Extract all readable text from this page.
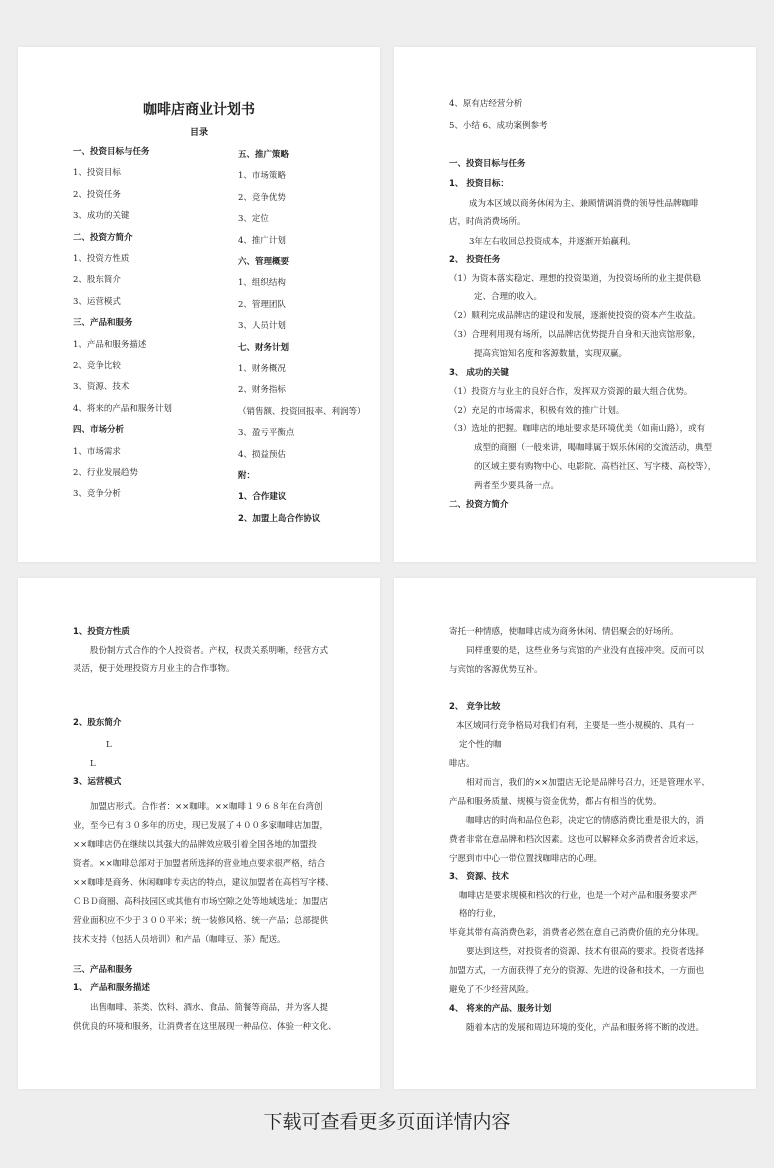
咖啡店商业计划书
目录
一、投资目标与任务
1、投资目标
2、投资任务
3、成功的关键
二、投资方简介
1、投资方性质
2、股东简介
3、运营模式
三、产品和服务
1、产品和服务描述
2、竞争比较
3、资源、技术
4、将来的产品和服务计划
四、市场分析
1、市场需求
2、行业发展趋势
3、竞争分析
五、推广策略
1、市场策略
2、竞争优势
3、定位
4、推广计划
六、管理概要
1、组织结构
2、管理团队
3、人员计划
七、财务计划
1、财务概况
2、财务指标
（销售额、投资回报率、利润等）
3、盈亏平衡点
4、损益预估
附：
1、合作建议
2、加盟上岛合作协议
4、原有店经营分析
5、小结 6、成功案例参考
一、投资目标与任务
1、 投资目标：
成为本区域以商务休闲为主、兼顾情调消费的领导性品牌咖啡
店，时尚消费场所。
3年左右收回总投资成本，并逐渐开始赢利。
2、 投资任务
（1）为资本落实稳定、理想的投资渠道，为投资场所的业主提供稳
定、合理的收入。
（2）顺利完成品牌店的建设和发展，逐渐使投资的资本产生收益。
（3）合理利用现有场所，以品牌店优势提升自身和天池宾馆形象，
提高宾馆知名度和客源数量，实现双赢。
3、 成功的关键
（1）投资方与业主的良好合作，发挥双方资源的最大组合优势。
（2）充足的市场需求，积极有效的推广计划。
（3）选址的把握。咖啡店的地址要求是环境优美（如南山路），或有
成型的商圈（一般来讲，喝咖啡属于娱乐休闲的交流活动，典型
的区域主要有购物中心、电影院、高档社区、写字楼、高校等），
两者至少要具备一点。
二、投资方简介
1、投资方性质
股份制方式合作的个人投资者。产权，权责关系明晰，经营方式
灵活，便于处理投资方月业主的合作事物。
2、股东简介
L
L
3、运营模式
加盟店形式。合作者：××咖啡。××咖啡１９６８年在台湾创
业，至今已有３０多年的历史，现已发展了４００多家咖啡店加盟，
××咖啡店仍在继续以其强大的品牌效应吸引着全国各地的加盟投
资者。××咖啡总部对于加盟者所选择的营业地点要求很严格，结合
××咖啡是商务、休闲咖啡专卖店的特点，建议加盟者在高档写字楼、
ＣＢＤ商圈、高科技园区或其他有市场空隙之处等地域选址；加盟店
营业面积应不少于３００平米；统一装修风格、统一产品；总部提供
技术支持（包括人员培训）和产品（咖啡豆、茶）配送。
三、产品和服务
1、 产品和服务描述
出售咖啡、茶类、饮料、酒水、食品、简餐等商品，并为客人提
供优良的环境和服务，让消费者在这里展现一种品位、体验一种文化、
寄托一种情感，使咖啡店成为商务休闲、情侣聚会的好场所。
同样重要的是，这些业务与宾馆的产业没有直接冲突。反而可以
与宾馆的客源优势互补。
2、 竞争比较
本区域同行竞争格局对我们有利，主要是一些小规模的、具有一
定个性的咖
啡店。
相对而言，我们的××加盟店无论是品牌号召力，还是管理水平、
产品和服务质量、规模与资金优势，都占有相当的优势。
咖啡店的时尚和品位色彩，决定它的情感消费比重是很大的，消
费者非常在意品牌和档次因素。这也可以解释众多消费者舍近求远，
宁愿到市中心一带位置找咖啡店的心理。
3、 资源、技术
咖啡店是要求规模和档次的行业，也是一个对产品和服务要求严
格的行业，
毕竟其带有高消费色彩，消费者必然在意自己消费价值的充分体现。
要达到这些，对投资者的资源、技术有很高的要求。投资者选择
加盟方式，一方面获得了充分的资源、先进的设备和技术，一方面也
避免了不少经营风险。
4、 将来的产品、服务计划
随着本店的发展和周边环境的变化，产品和服务将不断的改进。
下载可查看更多页面详情内容
